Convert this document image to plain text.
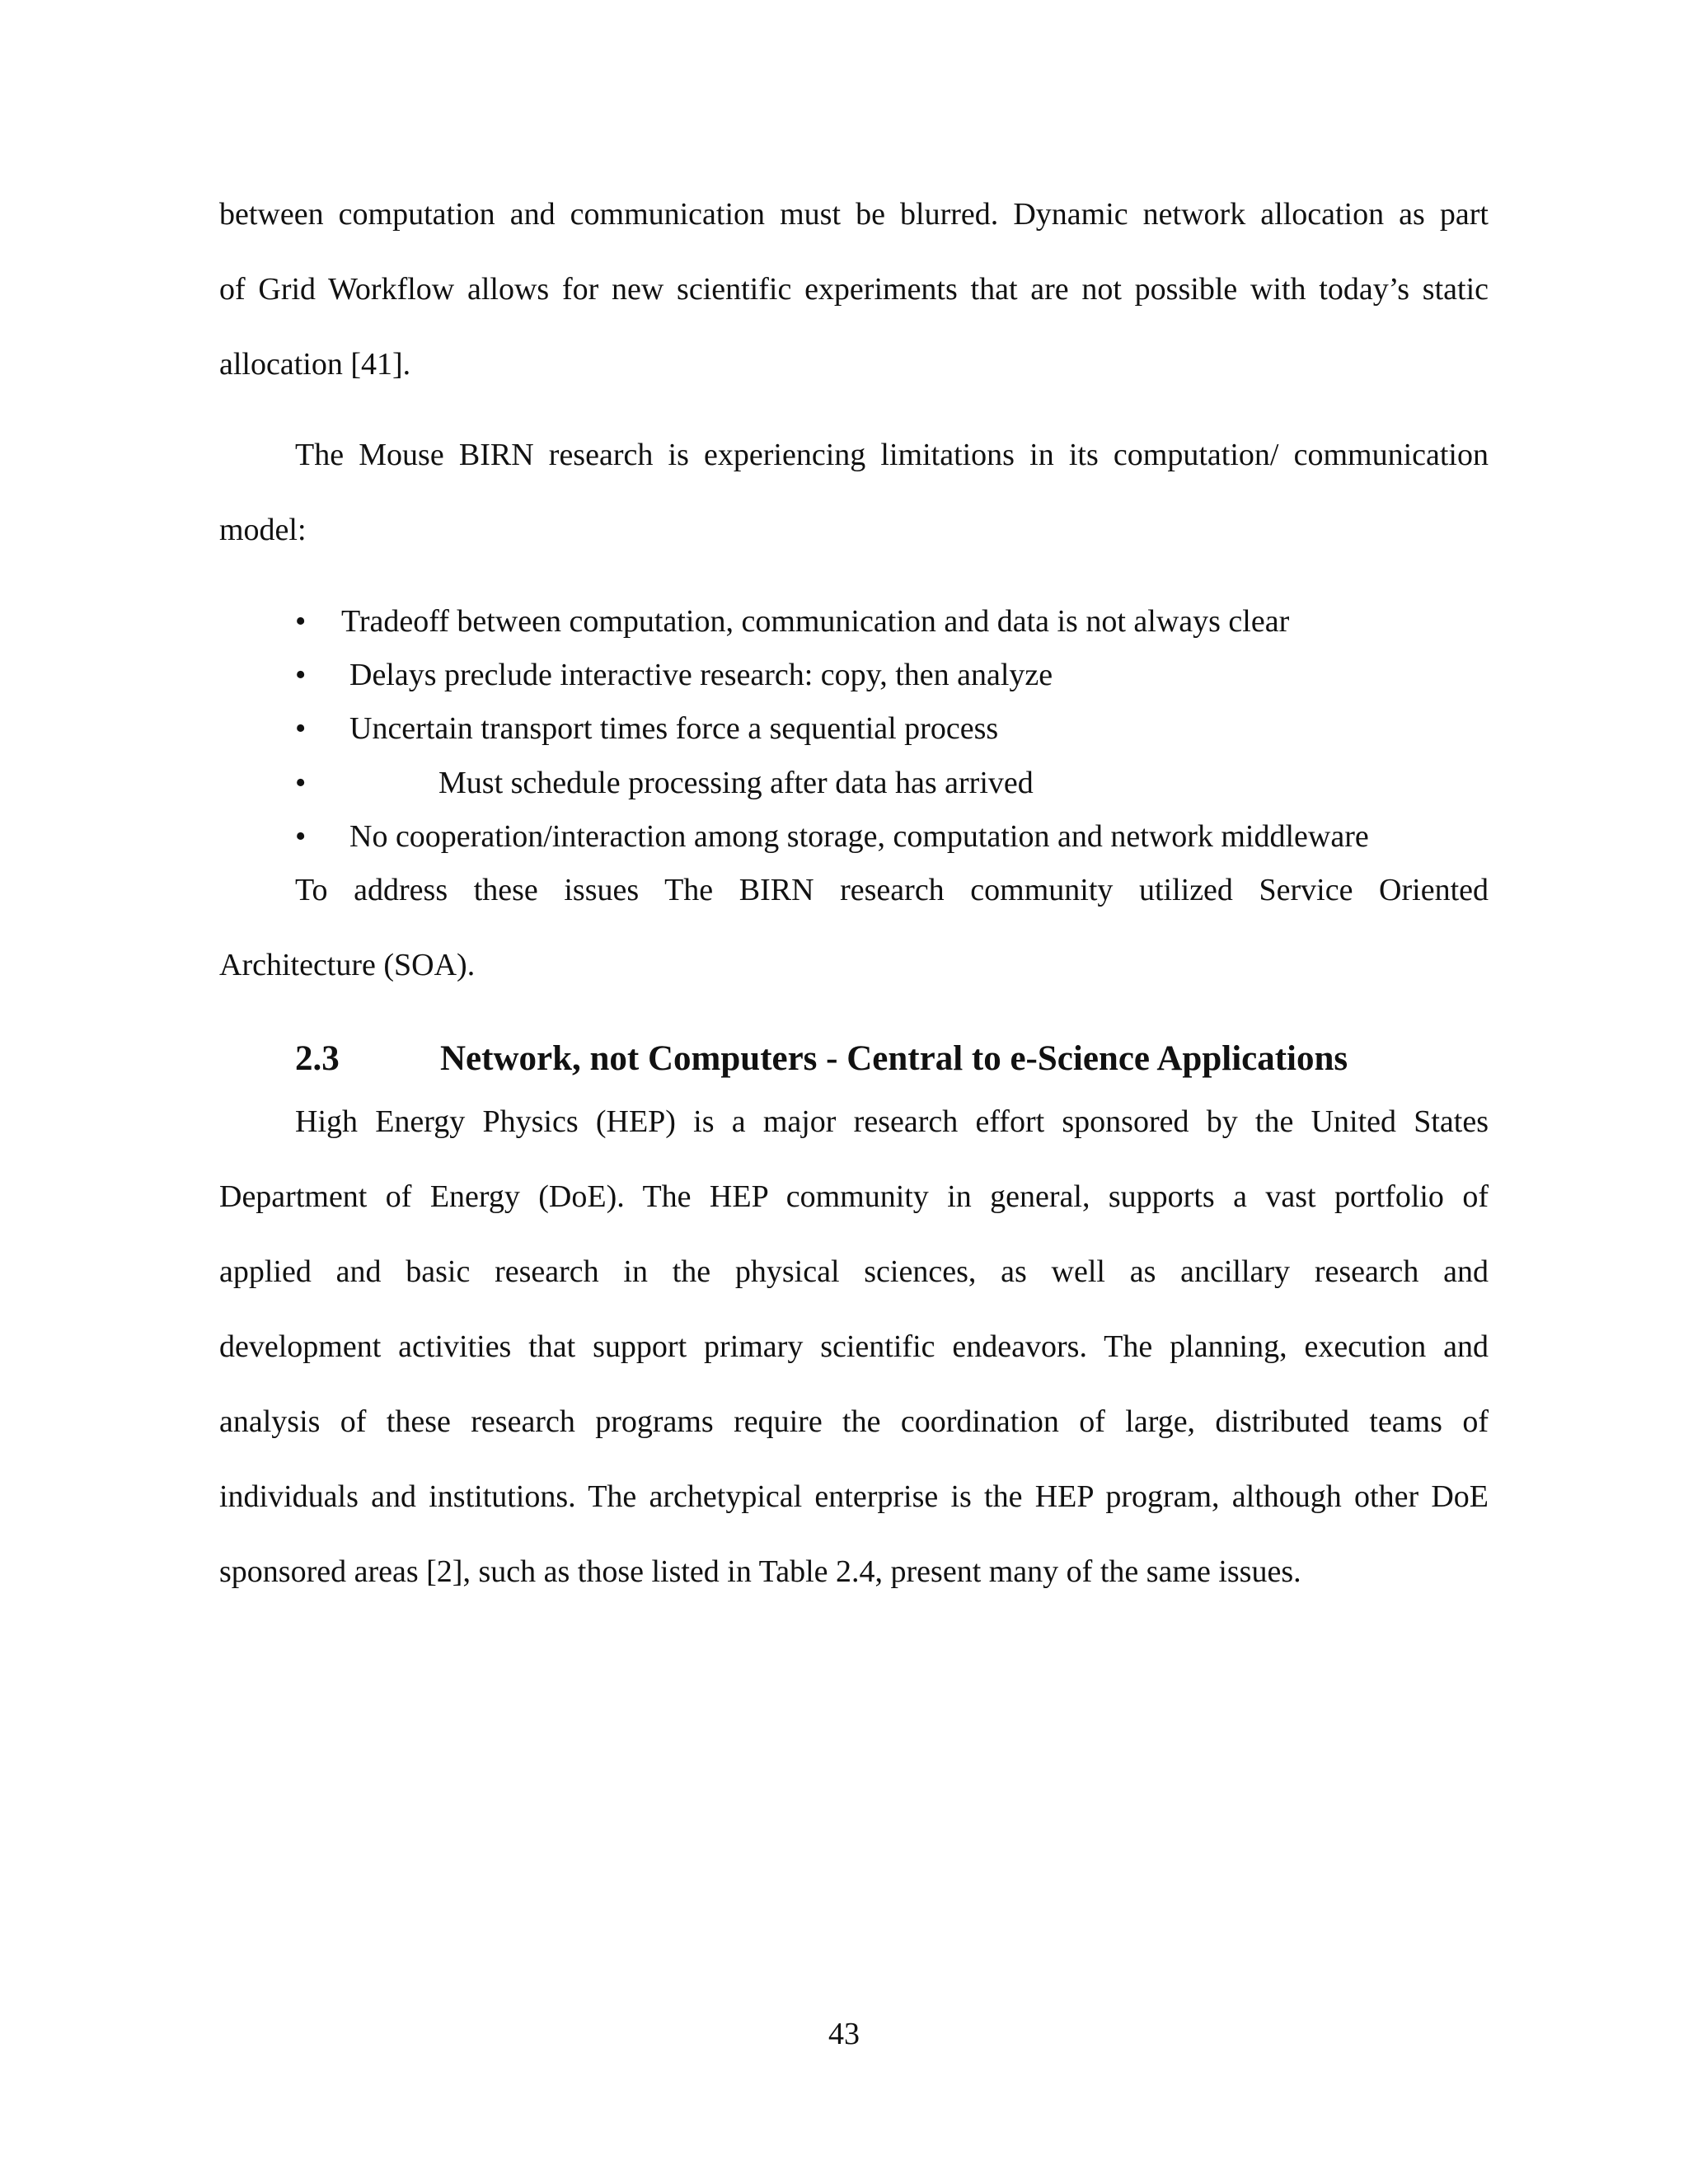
between computation and communication must be blurred. Dynamic network allocation as part

of Grid Workflow allows for new scientific experiments that are not possible with today’s static

allocation [41].

The Mouse BIRN research is experiencing limitations in its computation/ communication

model:

• Tradeoff between computation, communication and data is not always clear
• Delays preclude interactive research: copy, then analyze
• Uncertain transport times force a sequential process
•	Must schedule processing after data has arrived
• No cooperation/interaction among storage, computation and network middleware

To address these issues The BIRN research community utilized Service Oriented

Architecture (SOA).

2.3	Network, not Computers - Central to e-Science Applications

High Energy Physics (HEP) is a major research effort sponsored by the United States

Department of Energy (DoE). The HEP community in general, supports a vast portfolio of

applied and basic research in the physical sciences, as well as ancillary research and

development activities that support primary scientific endeavors. The planning, execution and

analysis of these research programs require the coordination of large, distributed teams of

individuals and institutions. The archetypical enterprise is the HEP program, although other DoE

sponsored areas [2], such as those listed in Table 2.4, present many of the same issues.

43
